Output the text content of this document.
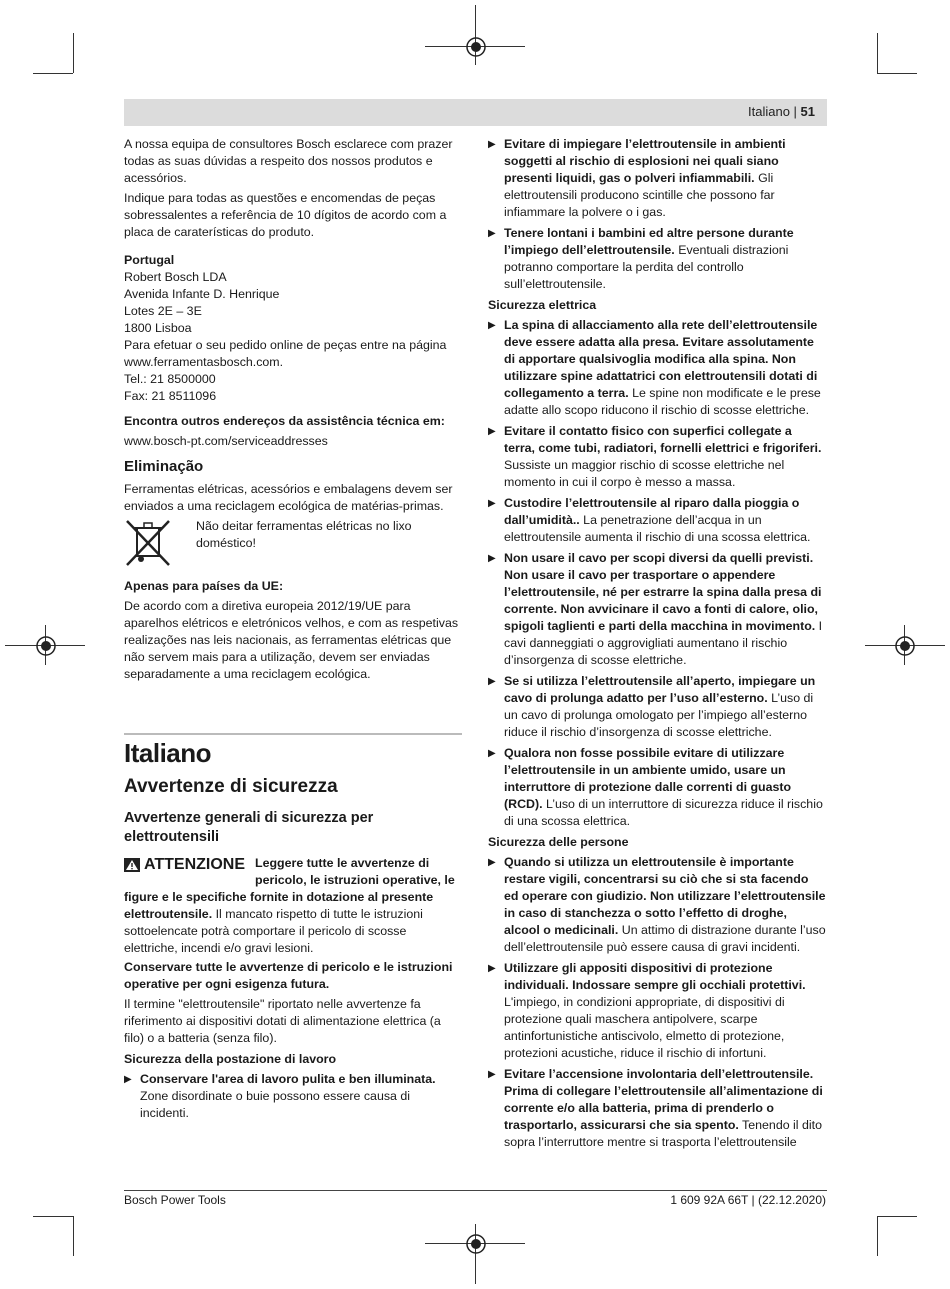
Italiano | 51

A nossa equipa de consultores Bosch esclarece com prazer todas as suas dúvidas a respeito dos nossos produtos e acessórios.

Indique para todas as questões e encomendas de peças sobressalentes a referência de 10 dígitos de acordo com a placa de caraterísticas do produto.

Portugal

Robert Bosch LDA

Avenida Infante D. Henrique

Lotes 2E – 3E

1800 Lisboa

Para efetuar o seu pedido online de peças entre na página

www.ferramentasbosch.com.

Tel.: 21 8500000

Fax: 21 8511096

Encontra outros endereços da assistência técnica em:

www.bosch-pt.com/serviceaddresses

Eliminação

Ferramentas elétricas, acessórios e embalagens devem ser enviados a uma reciclagem ecológica de matérias-primas.

Não deitar ferramentas elétricas no lixo doméstico!

Apenas para países da UE:

De acordo com a diretiva europeia 2012/19/UE para aparelhos elétricos e eletrónicos velhos, e com as respetivas realizações nas leis nacionais, as ferramentas elétricas que não servem mais para a utilização, devem ser enviadas separadamente a uma reciclagem ecológica.

Italiano
Avvertenze di sicurezza
Avvertenze generali di sicurezza per elettroutensili

ATTENZIONE Leggere tutte le avvertenze di pericolo, le istruzioni operative, le figure e le specifiche fornite in dotazione al presente elettroutensile. Il mancato rispetto di tutte le istruzioni sottoelencate potrà comportare il pericolo di scosse elettriche, incendi e/o gravi lesioni.

Conservare tutte le avvertenze di pericolo e le istruzioni operative per ogni esigenza futura.

Il termine "elettroutensile" riportato nelle avvertenze fa riferimento ai dispositivi dotati di alimentazione elettrica (a filo) o a batteria (senza filo).

Sicurezza della postazione di lavoro

▶ Conservare l'area di lavoro pulita e ben illuminata. Zone disordinate o buie possono essere causa di incidenti.
▶ Evitare di impiegare l’elettroutensile in ambienti soggetti al rischio di esplosioni nei quali siano presenti liquidi, gas o polveri infiammabili. Gli elettroutensili producono scintille che possono far infiammare la polvere o i gas.
▶ Tenere lontani i bambini ed altre persone durante l’impiego dell’elettroutensile. Eventuali distrazioni potranno comportare la perdita del controllo sull’elettroutensile.

Sicurezza elettrica

▶ La spina di allacciamento alla rete dell’elettroutensile deve essere adatta alla presa. Evitare assolutamente di apportare qualsivoglia modifica alla spina. Non utilizzare spine adattatrici con elettroutensili dotati di collegamento a terra. Le spine non modificate e le prese adatte allo scopo riducono il rischio di scosse elettriche.
▶ Evitare il contatto fisico con superfici collegate a terra, come tubi, radiatori, fornelli elettrici e frigoriferi. Sussiste un maggior rischio di scosse elettriche nel momento in cui il corpo è messo a massa.
▶ Custodire l’elettroutensile al riparo dalla pioggia o dall’umidità.. La penetrazione dell’acqua in un elettroutensile aumenta il rischio di una scossa elettrica.
▶ Non usare il cavo per scopi diversi da quelli previsti. Non usare il cavo per trasportare o appendere l’elettroutensile, né per estrarre la spina dalla presa di corrente. Non avvicinare il cavo a fonti di calore, olio, spigoli taglienti e parti della macchina in movimento. I cavi danneggiati o aggrovigliati aumentano il rischio d’insorgenza di scosse elettriche.
▶ Se si utilizza l’elettroutensile all’aperto, impiegare un cavo di prolunga adatto per l’uso all’esterno. L’uso di un cavo di prolunga omologato per l’impiego all’esterno riduce il rischio d’insorgenza di scosse elettriche.
▶ Qualora non fosse possibile evitare di utilizzare l’elettroutensile in un ambiente umido, usare un interruttore di protezione dalle correnti di guasto (RCD). L’uso di un interruttore di sicurezza riduce il rischio di una scossa elettrica.

Sicurezza delle persone

▶ Quando si utilizza un elettroutensile è importante restare vigili, concentrarsi su ciò che si sta facendo ed operare con giudizio. Non utilizzare l’elettroutensile in caso di stanchezza o sotto l’effetto di droghe, alcool o medicinali. Un attimo di distrazione durante l’uso dell’elettroutensile può essere causa di gravi incidenti.
▶ Utilizzare gli appositi dispositivi di protezione individuali. Indossare sempre gli occhiali protettivi. L'impiego, in condizioni appropriate, di dispositivi di protezione quali maschera antipolvere, scarpe antinfortunistiche antiscivolo, elmetto di protezione, protezioni acustiche, riduce il rischio di infortuni.
▶ Evitare l’accensione involontaria dell’elettroutensile. Prima di collegare l’elettroutensile all’alimentazione di corrente e/o alla batteria, prima di prenderlo o trasportarlo, assicurarsi che sia spento. Tenendo il dito sopra l’interruttore mentre si trasporta l’elettroutensile
Bosch Power Tools	1 609 92A 66T | (22.12.2020)
